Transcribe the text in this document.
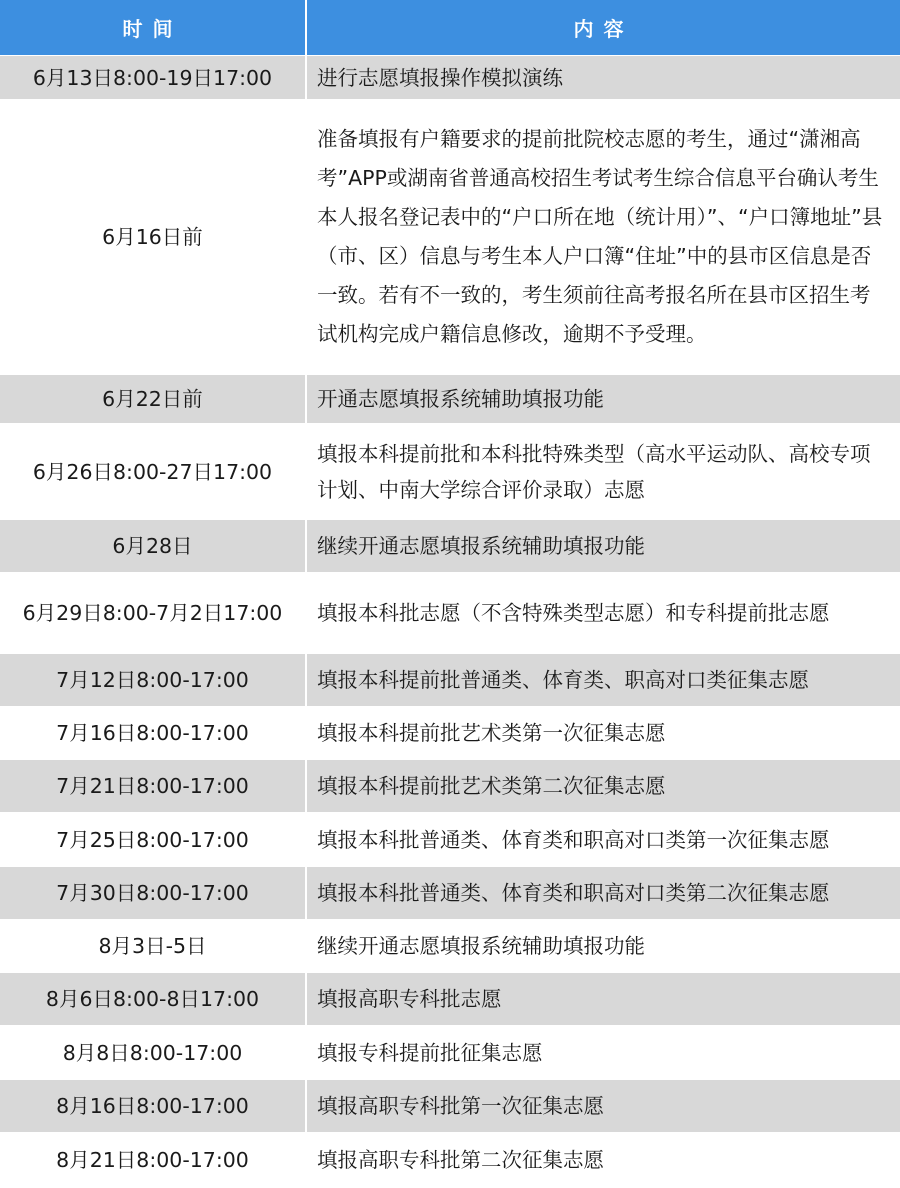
时间	内容
6月13日8:00-19日17:00	进行志愿填报操作模拟演练
6月16日前	准备填报有户籍要求的提前批院校志愿的考生，通过“潇湘高考”APP或湖南省普通高校招生考试考生综合信息平台确认考生本人报名登记表中的“户口所在地（统计用）”、“户口簿地址”县（市、区）信息与考生本人户口簿“住址”中的县市区信息是否一致。若有不一致的，考生须前往高考报名所在县市区招生考试机构完成户籍信息修改，逾期不予受理。
6月22日前	开通志愿填报系统辅助填报功能
6月26日8:00-27日17:00	填报本科提前批和本科批特殊类型（高水平运动队、高校专项计划、中南大学综合评价录取）志愿
6月28日	继续开通志愿填报系统辅助填报功能
6月29日8:00-7月2日17:00	填报本科批志愿（不含特殊类型志愿）和专科提前批志愿
7月12日8:00-17:00	填报本科提前批普通类、体育类、职高对口类征集志愿
7月16日8:00-17:00	填报本科提前批艺术类第一次征集志愿
7月21日8:00-17:00	填报本科提前批艺术类第二次征集志愿
7月25日8:00-17:00	填报本科批普通类、体育类和职高对口类第一次征集志愿
7月30日8:00-17:00	填报本科批普通类、体育类和职高对口类第二次征集志愿
8月3日-5日	继续开通志愿填报系统辅助填报功能
8月6日8:00-8日17:00	填报高职专科批志愿
8月8日8:00-17:00	填报专科提前批征集志愿
8月16日8:00-17:00	填报高职专科批第一次征集志愿
8月21日8:00-17:00	填报高职专科批第二次征集志愿
